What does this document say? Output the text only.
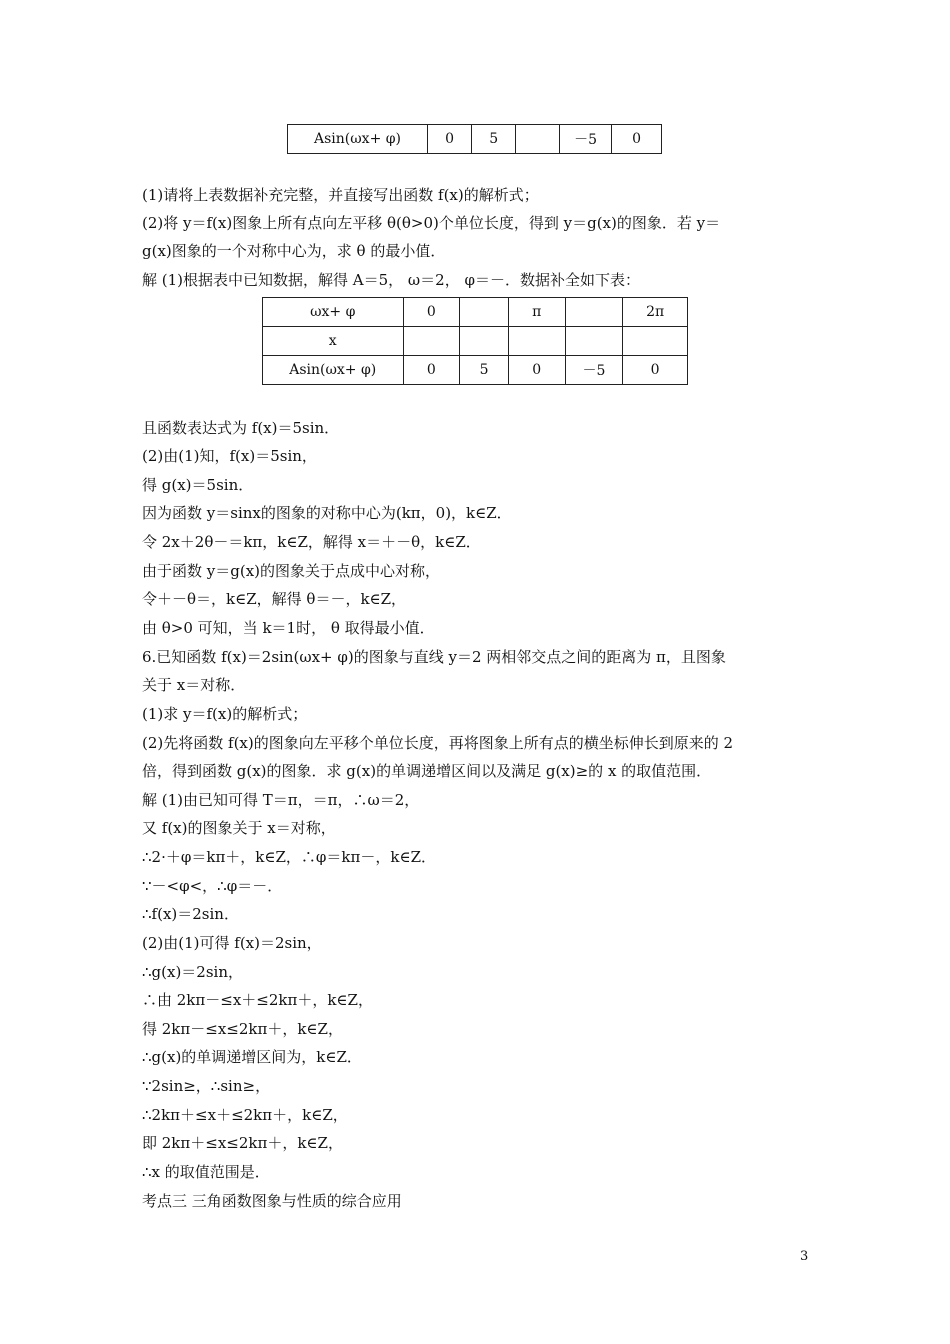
Asin(ωx+ φ)	0	5		－5	0
ωx+ φ	0		π		2π
x					
Asin(ωx+ φ)	0	5	0	－5	0
(1)请将上表数据补充完整，并直接写出函数 f(x)的解析式；
(2)将 y＝f(x)图象上所有点向左平移 θ(θ>0)个单位长度，得到 y＝g(x)的图象．若 y＝
g(x)图象的一个对称中心为，求 θ 的最小值．
解 (1)根据表中已知数据，解得 A＝5， ω＝2， φ＝－．数据补全如下表：
且函数表达式为 f(x)＝5sin．
(2)由(1)知，f(x)＝5sin，
得 g(x)＝5sin．
因为函数 y＝sinx的图象的对称中心为(kπ，0)，k∈Z．
令 2x＋2θ－＝kπ，k∈Z，解得 x＝＋－θ，k∈Z．
由于函数 y＝g(x)的图象关于点成中心对称，
令＋－θ＝，k∈Z，解得 θ＝－，k∈Z，
由 θ>0 可知，当 k＝1时， θ 取得最小值．
6.已知函数 f(x)＝2sin(ωx+ φ)的图象与直线 y＝2 两相邻交点之间的距离为 π，且图象
关于 x＝对称．
(1)求 y＝f(x)的解析式；
(2)先将函数 f(x)的图象向左平移个单位长度，再将图象上所有点的横坐标伸长到原来的 2
倍，得到函数 g(x)的图象．求 g(x)的单调递增区间以及满足 g(x)≥的 x 的取值范围．
解 (1)由已知可得 T＝π，＝π，∴ω＝2，
又 f(x)的图象关于 x＝对称，
∴2·＋φ＝kπ＋，k∈Z，∴φ＝kπ－，k∈Z．
∵－<φ<，∴φ＝－．
∴f(x)＝2sin．
(2)由(1)可得 f(x)＝2sin，
∴g(x)＝2sin，
∴由 2kπ－≤x＋≤2kπ＋，k∈Z，
得 2kπ－≤x≤2kπ＋，k∈Z，
∴g(x)的单调递增区间为，k∈Z．
∵2sin≥，∴sin≥，
∴2kπ＋≤x＋≤2kπ＋，k∈Z，
即 2kπ＋≤x≤2kπ＋，k∈Z，
∴x 的取值范围是．
考点三 三角函数图象与性质的综合应用
3
